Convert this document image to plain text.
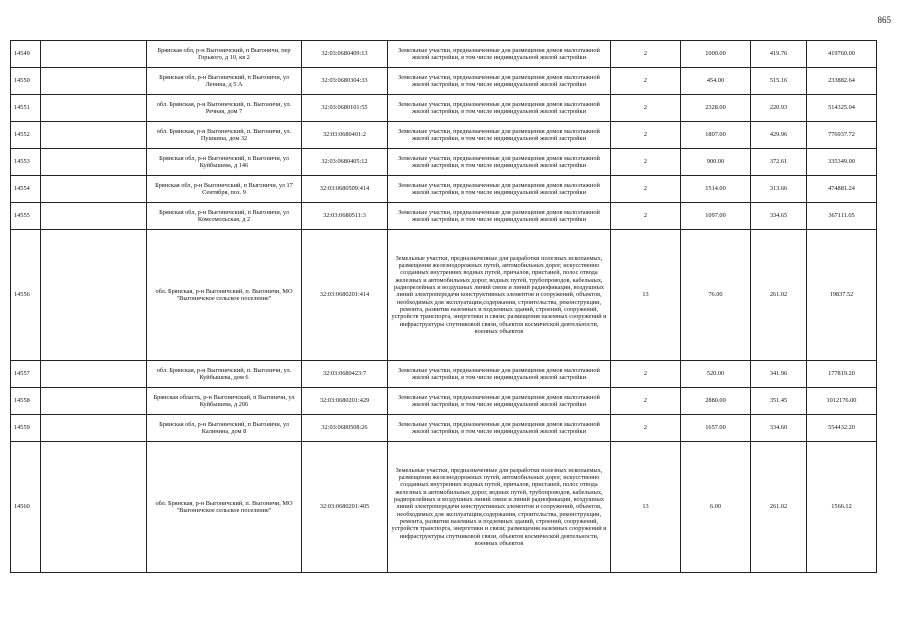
865
14549		Брянская обл, р-н Выгоничский, п Выгоничи, пер Горького, д 10, кв 2	32:03:0680409:13	Земельные участки, предназначенные для размещения домов малоэтажной жилой застройки, в том числе индивидуальной жилой застройки	2	1000.00	419.76	419760.00
14550		Брянская обл, р-н Выгоничский, п Выгоничи, ул Ленина, д 5 А	32:03:0680304:33	Земельные участки, предназначенные для размещения домов малоэтажной жилой застройки, в том числе индивидуальной жилой застройки	2	454.00	515.16	233882.64
14551		обл. Брянская, р-н Выгоничский, п. Выгоничи, ул. Речная, дом 7	32:03:0680101:55	Земельные участки, предназначенные для размещения домов малоэтажной жилой застройки, в том числе индивидуальной жилой застройки	2	2328.00	220.93	514325.04
14552		обл. Брянская, р-н Выгоничский, п. Выгоничи, ул. Пушкина, дом 32	32:03:0680401:2	Земельные участки, предназначенные для размещения домов малоэтажной жилой застройки, в том числе индивидуальной жилой застройки	2	1807.00	429.96	776937.72
14553		Брянская обл, р-н Выгоничский, п Выгоничи, ул Куйбышева, д 146	32:03:0680405:12	Земельные участки, предназначенные для размещения домов малоэтажной жилой застройки, в том числе индивидуальной жилой застройки	2	900.00	372.61	335349.00
14554		Брянская обл, р-н Выгоничский, п Выгоничи, ул 17 Сентября, поз. 9	32:03:0680509:414	Земельные участки, предназначенные для размещения домов малоэтажной жилой застройки, в том числе индивидуальной жилой застройки	2	1514.00	313.66	474881.24
14555		Брянская обл, р-н Выгоничский, п Выгоничи, ул Комсомольская, д 2	32:03:0680511:3	Земельные участки, предназначенные для размещения домов малоэтажной жилой застройки, в том числе индивидуальной жилой застройки	2	1097.00	334.65	367111.05
14556		обл. Брянская, р-н Выгоничский, п. Выгоничи, МО "Выгоничское сельское поселение"	32:03:0680201:414	Земельные участки, предназначенные для разработки полезных ископаемых, размещения железнодорожных путей, автомобильных дорог, искусственно созданных внутренних водных путей, причалов, пристаней, полос отвода железных и автомобильных дорог, водных путей, трубопроводов, кабельных, радиорелейных и воздушных линий связи и линий радиофикации, воздушных линий электропередачи конструктивных элементов и сооружений, объектов, необходимых для эксплуатации,содержания, строительства, реконструкции, ремонта, развития наземных и подземных зданий, строений, сооружений, устройств транспорта, энергетики и связи; размещения наземных сооружений и инфраструктуры спутниковой связи, объектов космической деятельности, военных объектов	13	76.00	261.02	19837.52
14557		обл. Брянская, р-н Выгоничский, п. Выгоничи, ул. Куйбышева, дом 6	32:03:0680423:7	Земельные участки, предназначенные для размещения домов малоэтажной жилой застройки, в том числе индивидуальной жилой застройки	2	520.00	341.96	177819.20
14558		Брянская область, р-н Выгоничский, п Выгоничи, ул Куйбышева, д 206	32:03:0680201:429	Земельные участки, предназначенные для размещения домов малоэтажной жилой застройки, в том числе индивидуальной жилой застройки	2	2880.00	351.45	1012176.00
14559		Брянская обл, р-н Выгоничский, п Выгоничи, ул Калинина, дом 8	32:03:0680508:26	Земельные участки, предназначенные для размещения домов малоэтажной жилой застройки, в том числе индивидуальной жилой застройки	2	1657.00	334.60	554432.20
14560		обл. Брянская, р-н Выгоничский, п. Выгоничи, МО "Выгоничское сельское поселение"	32:03:0680201:405	Земельные участки, предназначенные для разработки полезных ископаемых, размещения железнодорожных путей, автомобильных дорог, искусственно созданных внутренних водных путей, причалов, пристаней, полос отвода железных и автомобильных дорог, водных путей, трубопроводов, кабельных, радиорелейных и воздушных линий связи и линий радиофикации, воздушных линий электропередачи конструктивных элементов и сооружений, объектов, необходимых для эксплуатации,содержания, строительства, реконструкции, ремонта, развития наземных и подземных зданий, строений, сооружений, устройств транспорта, энергетики и связи; размещения наземных сооружений и инфраструктуры спутниковой связи, объектов космической деятельности, военных объектов	13	6.00	261.02	1566.12
